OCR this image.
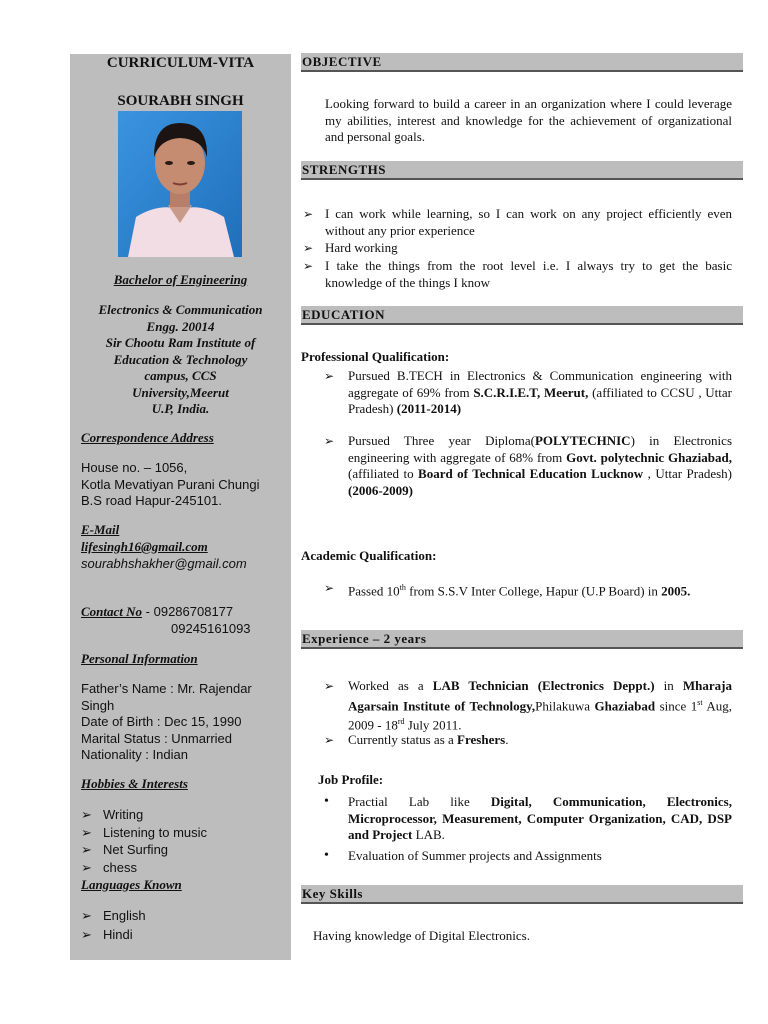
CURRICULUM-VITA
SOURABH SINGH
Bachelor of Engineering
Electronics & Communication
Engg. 20014
Sir Chootu Ram Institute of
Education & Technology
campus, CCS
University,Meerut
U.P, India.
Correspondence Address
House no. – 1056,
Kotla Mevatiyan Purani Chungi
B.S road Hapur-245101.
E-Mail
lifesingh16@gmail.com
sourabhshakher@gmail.com
Contact No - 09286708177
09245161093
Personal Information
Father’s Name : Mr. Rajendar
Singh
Date of Birth : Dec 15, 1990
Marital Status : Unmarried
Nationality : Indian
Hobbies & Interests
➢ Writing
➢ Listening to music
➢ Net Surfing
➢ chess
Languages Known
➢ English
➢ Hindi
OBJECTIVE
Looking forward to build a career in an organization where I could leverage my abilities, interest and knowledge for the achievement of organizational and personal goals.
STRENGTHS
➢ I can work while learning, so I can work on any project efficiently even without any prior experience
➢ Hard working
➢ I take the things from the root level i.e. I always try to get the basic knowledge of the things I know
EDUCATION
Professional Qualification:
➢ Pursued B.TECH in Electronics & Communication engineering with aggregate of 69% from S.C.R.I.E.T, Meerut, (affiliated to CCSU , Uttar Pradesh) (2011-2014)
➢ Pursued Three year Diploma(POLYTECHNIC) in Electronics engineering with aggregate of 68% from Govt. polytechnic Ghaziabad, (affiliated to Board of Technical Education Lucknow , Uttar Pradesh) (2006-2009)
Academic Qualification:
➢ Passed 10th from S.S.V Inter College, Hapur (U.P Board) in 2005.
Experience – 2 years
➢ Worked as a LAB Technician (Electronics Deppt.) in Mharaja Agarsain Institute of Technology,Philakuwa Ghaziabad since 1st Aug, 2009 - 18rd July 2011.
➢ Currently status as a Freshers.
Job Profile:
• Practial Lab like Digital, Communication, Electronics, Microprocessor, Measurement, Computer Organization, CAD, DSP and Project LAB.
• Evaluation of Summer projects and Assignments
Key Skills
Having knowledge of Digital Electronics.
